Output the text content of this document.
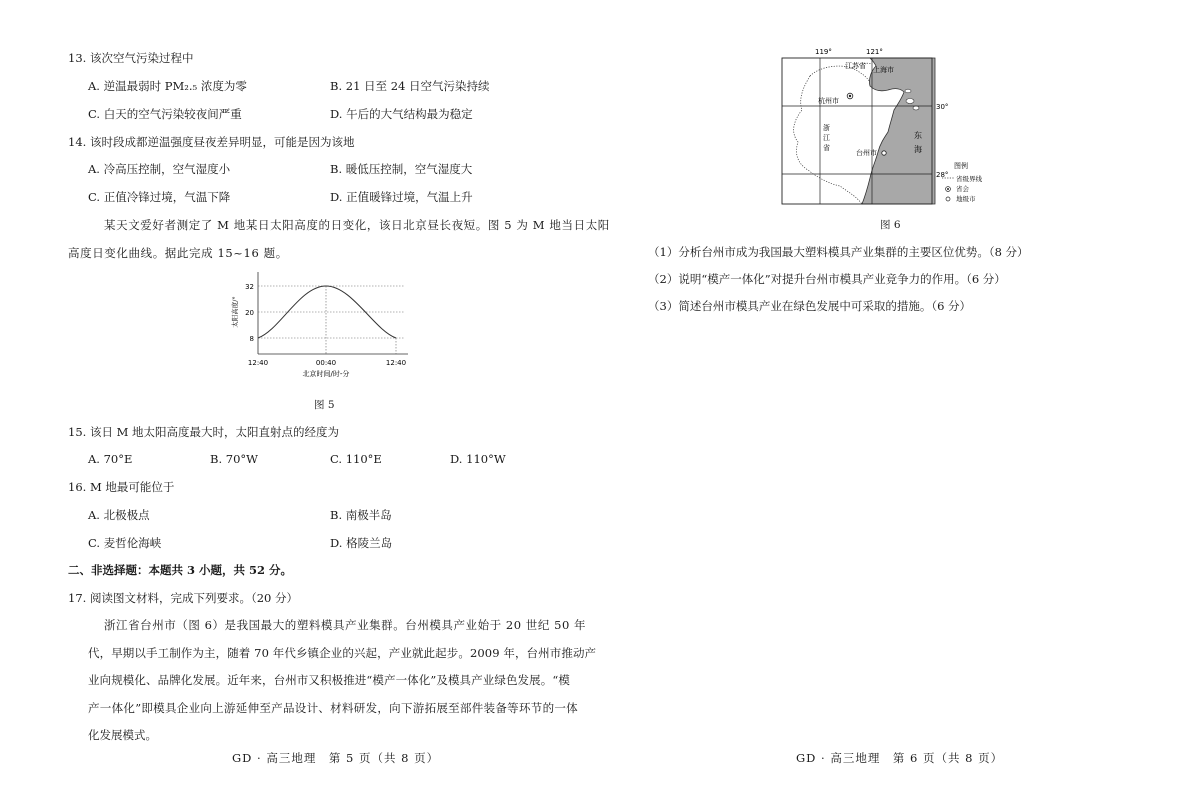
13. 该次空气污染过程中
A. 逆温最弱时 PM₂.₅ 浓度为零	B. 21 日至 24 日空气污染持续
C. 白天的空气污染较夜间严重	D. 午后的大气结构最为稳定
14. 该时段成都逆温强度昼夜差异明显，可能是因为该地
A. 冷高压控制，空气湿度小	B. 暖低压控制，空气湿度大
C. 正值冷锋过境，气温下降	D. 正值暖锋过境，气温上升
某天文爱好者测定了 M 地某日太阳高度的日变化，该日北京昼长夜短。图 5 为 M 地当日太阳
高度日变化曲线。据此完成 15~16 题。
32
20
8
太阳高度/°
12:40	00:40	12:40
北京时间/时-分
图 5
15. 该日 M 地太阳高度最大时，太阳直射点的经度为
A. 70°E	B. 70°W	C. 110°E	D. 110°W
16. M 地最可能位于
A. 北极极点	B. 南极半岛
C. 麦哲伦海峡	D. 格陵兰岛
二、非选择题：本题共 3 小题，共 52 分。
17. 阅读图文材料，完成下列要求。（20 分）
浙江省台州市（图 6）是我国最大的塑料模具产业集群。台州模具产业始于 20 世纪 50 年
代，早期以手工制作为主，随着 70 年代乡镇企业的兴起，产业就此起步。2009 年，台州市推动产
业向规模化、品牌化发展。近年来，台州市又积极推进“模产一体化”及模具产业绿色发展。“模
产一体化”即模具企业向上游延伸至产品设计、材料研发，向下游拓展至部件装备等环节的一体
化发展模式。
GD · 高三地理　第 5 页（共 8 页）
119°	121°
30°
28°
江苏省 上海市
杭州市
浙
江
省
台州市
东
海
图例
省级界线
省会
地级市
图 6
（1）分析台州市成为我国最大塑料模具产业集群的主要区位优势。（8 分）
（2）说明“模产一体化”对提升台州市模具产业竞争力的作用。（6 分）
（3）简述台州市模具产业在绿色发展中可采取的措施。（6 分）
GD · 高三地理　第 6 页（共 8 页）
